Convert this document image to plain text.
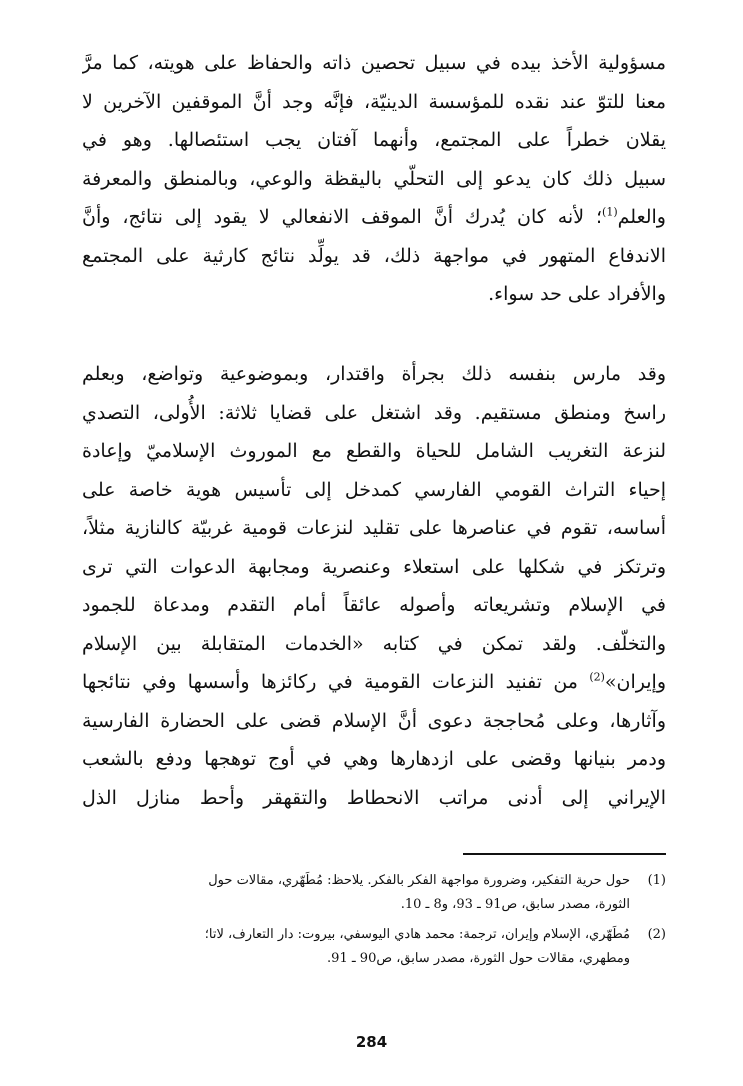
مسؤولية الأخذ بيده في سبيل تحصين ذاته والحفاظ على هويته، كما مرَّ
معنا للتوّ عند نقده للمؤسسة الدينيّة، فإنَّه وجد أنَّ الموقفين الآخرين لا
يقلان خطراً على المجتمع، وأنهما آفتان يجب استئصالها. وهو في
سبيل ذلك كان يدعو إلى التحلّي باليقظة والوعي، وبالمنطق والمعرفة
والعلم$^{(1)}$؛ لأنه كان يُدرك أنَّ الموقف الانفعالي لا يقود إلى نتائج، وأنَّ
الاندفاع المتهور في مواجهة ذلك، قد يولِّد نتائج كارثية على المجتمع
والأفراد على حد سواء.
وقد مارس بنفسه ذلك بجرأة واقتدار، وبموضوعية وتواضع، وبعلم
راسخ ومنطق مستقيم. وقد اشتغل على قضايا ثلاثة: الأُولى، التصدي
لنزعة التغريب الشامل للحياة والقطع مع الموروث الإسلاميّ وإعادة
إحياء التراث القومي الفارسي كمدخل إلى تأسيس هوية خاصة على
أساسه، تقوم في عناصرها على تقليد لنزعات قومية غربيّة كالنازية مثلاً،
وترتكز في شكلها على استعلاء وعنصرية ومجابهة الدعوات التي ترى
في الإسلام وتشريعاته وأصوله عائقاً أمام التقدم ومدعاة للجمود
والتخلّف. ولقد تمكن في كتابه «الخدمات المتقابلة بين الإسلام
وإيران»$^{(2)}$ من تفنيد النزعات القومية في ركائزها وأسسها وفي نتائجها
وآثارها، وعلى مُحاججة دعوى أنَّ الإسلام قضى على الحضارة الفارسية
ودمر بنيانها وقضى على ازدهارها وهي في أوج توهجها ودفع بالشعب
الإيراني إلى أدنى مراتب الانحطاط والتقهقر وأحط منازل الذل
(1)
حول حرية التفكير، وضرورة مواجهة الفكر بالفكر. يلاحظ: مُطَهّري، مقالات حول
الثورة، مصدر سابق، ص91 ـ 93، و8 ـ 10.
(2)
مُطَهّري، الإسلام وإيران، ترجمة: محمد هادي اليوسفي، بيروت: دار التعارف، لاتا؛
ومطهري، مقالات حول الثورة، مصدر سابق، ص90 ـ 91.
284
